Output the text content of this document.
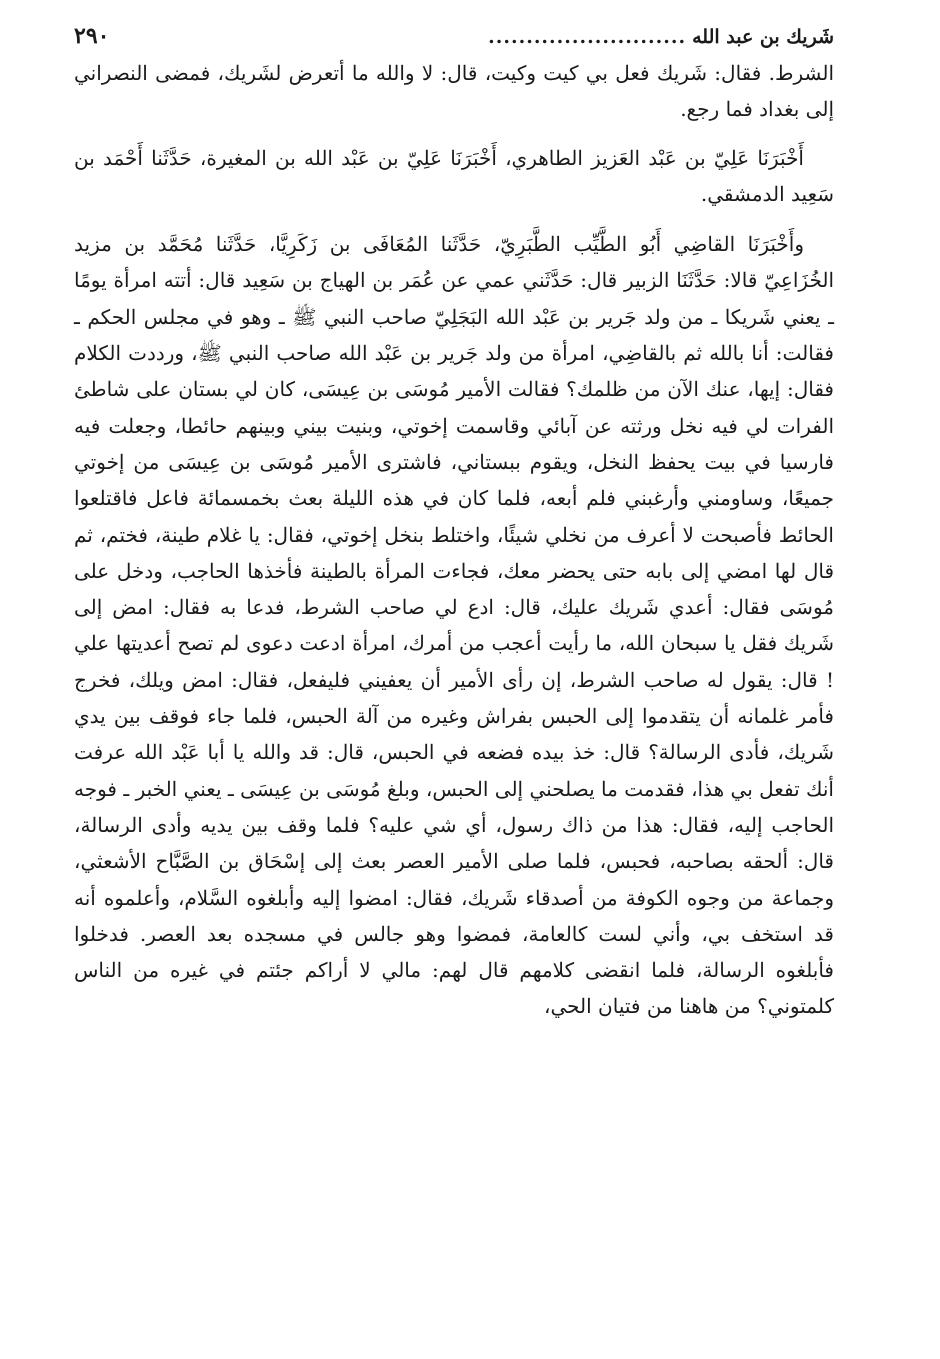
شَريك بن عبد الله
..........................
٢٩٠

الشرط. فقال: شَريك فعل بي كيت وكيت، قال: لا والله ما أتعرض لشَريك، فمضى النصراني إلى بغداد فما رجع.

أَخْبَرَنَا عَلِيّ بن عَبْد العَزيز الطاهري، أَخْبَرَنَا عَلِيّ بن عَبْد الله بن المغيرة، حَدَّثَنا أَحْمَد بن سَعِيد الدمشقي.

وأَخْبَرَنَا القاضِي أَبُو الطَّيِّب الطَّبَرِيّ، حَدَّثَنا المُعَافَى بن زَكَرِيَّا، حَدَّثَنا مُحَمَّد بن مزيد الخُزَاعِيّ قالا: حَدَّثَنَا الزبير قال: حَدَّثَني عمي عن عُمَر بن الهياج بن سَعِيد قال: أتته امرأة يومًا ـ يعني شَريكا ـ من ولد جَرير بن عَبْد الله البَجَلِيّ صاحب النبي ﷺ ـ وهو في مجلس الحكم ـ فقالت: أنا بالله ثم بالقاضِي، امرأة من ولد جَرير بن عَبْد الله صاحب النبي ﷺ، ورددت الكلام فقال: إيها، عنك الآن من ظلمك؟ فقالت الأمير مُوسَى بن عِيسَى، كان لي بستان على شاطئ الفرات لي فيه نخل ورثته عن آبائي وقاسمت إخوتي، وبنيت بيني وبينهم حائطا، وجعلت فيه فارسيا في بيت يحفظ النخل، ويقوم ببستاني، فاشترى الأمير مُوسَى بن عِيسَى من إخوتي جميعًا، وساومني وأرغبني فلم أبعه، فلما كان في هذه الليلة بعث بخمسمائة فاعل فاقتلعوا الحائط فأصبحت لا أعرف من نخلي شيئًا، واختلط بنخل إخوتي، فقال: يا غلام طينة، فختم، ثم قال لها امضي إلى بابه حتى يحضر معك، فجاءت المرأة بالطينة فأخذها الحاجب، ودخل على مُوسَى فقال: أعدي شَريك عليك، قال: ادع لي صاحب الشرط، فدعا به فقال: امض إلى شَريك فقل يا سبحان الله، ما رأيت أعجب من أمرك، امرأة ادعت دعوى لم تصح أعديتها علي ! قال: يقول له صاحب الشرط، إن رأى الأمير أن يعفيني فليفعل، فقال: امض ويلك، فخرج فأمر غلمانه أن يتقدموا إلى الحبس بفراش وغيره من آلة الحبس، فلما جاء فوقف بين يدي شَريك، فأدى الرسالة؟ قال: خذ بيده فضعه في الحبس، قال: قد والله يا أبا عَبْد الله عرفت أنك تفعل بي هذا، فقدمت ما يصلحني إلى الحبس، وبلغ مُوسَى بن عِيسَى ـ يعني الخبر ـ فوجه الحاجب إليه، فقال: هذا من ذاك رسول، أي شي عليه؟ فلما وقف بين يديه وأدى الرسالة، قال: ألحقه بصاحبه، فحبس، فلما صلى الأمير العصر بعث إلى إسْحَاق بن الصَّبَّاح الأشعثي، وجماعة من وجوه الكوفة من أصدقاء شَريك، فقال: امضوا إليه وأبلغوه السَّلام، وأعلموه أنه قد استخف بي، وأني لست كالعامة، فمضوا وهو جالس في مسجده بعد العصر. فدخلوا فأبلغوه الرسالة، فلما انقضى كلامهم قال لهم: مالي لا أراكم جئتم في غيره من الناس كلمتوني؟ من هاهنا من فتيان الحي،
